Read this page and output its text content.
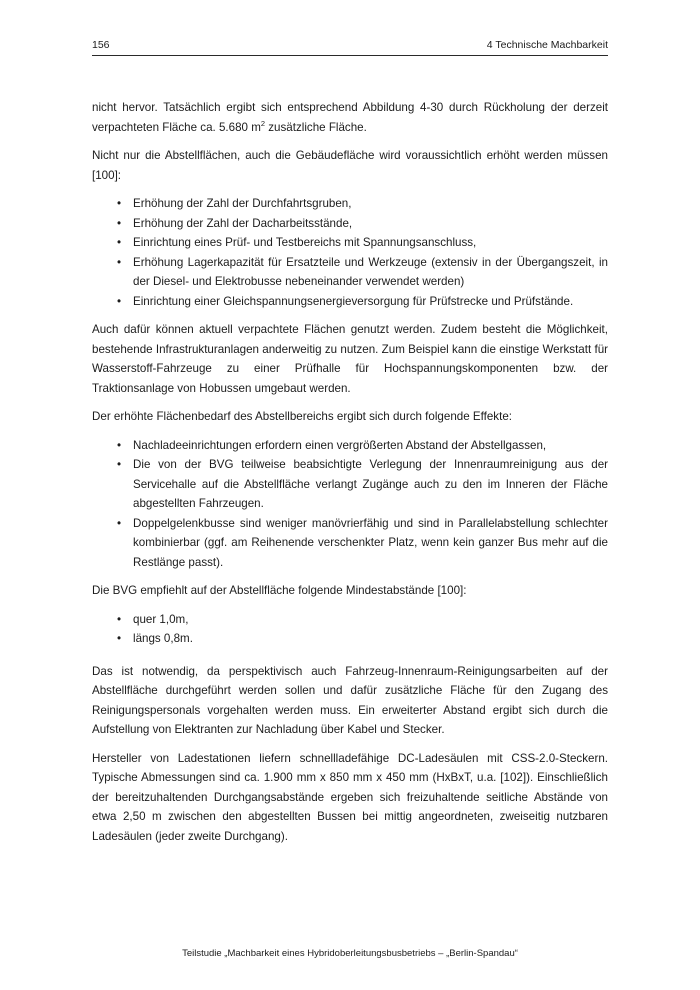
156	4 Technische Machbarkeit

nicht hervor. Tatsächlich ergibt sich entsprechend Abbildung 4-30 durch Rückholung der derzeit verpachteten Fläche ca. 5.680 $m^2$ zusätzliche Fläche.

Nicht nur die Abstellflächen, auch die Gebäudefläche wird voraussichtlich erhöht werden müssen [100]:

• Erhöhung der Zahl der Durchfahrtsgruben,
• Erhöhung der Zahl der Dacharbeitsstände,
• Einrichtung eines Prüf- und Testbereichs mit Spannungsanschluss,
• Erhöhung Lagerkapazität für Ersatzteile und Werkzeuge (extensiv in der Übergangszeit, in der Diesel- und Elektrobusse nebeneinander verwendet werden)
• Einrichtung einer Gleichspannungsenergieversorgung für Prüfstrecke und Prüfstände.

Auch dafür können aktuell verpachtete Flächen genutzt werden. Zudem besteht die Möglichkeit, bestehende Infrastrukturanlagen anderweitig zu nutzen. Zum Beispiel kann die einstige Werkstatt für Wasserstoff-Fahrzeuge zu einer Prüfhalle für Hochspannungskomponenten bzw. der Traktionsanlage von Hobussen umgebaut werden.

Der erhöhte Flächenbedarf des Abstellbereichs ergibt sich durch folgende Effekte:

• Nachladeeinrichtungen erfordern einen vergrößerten Abstand der Abstellgassen,
• Die von der BVG teilweise beabsichtigte Verlegung der Innenraumreinigung aus der Servicehalle auf die Abstellfläche verlangt Zugänge auch zu den im Inneren der Fläche abgestellten Fahrzeugen.
• Doppelgelenkbusse sind weniger manövrierfähig und sind in Parallelabstellung schlechter kombinierbar (ggf. am Reihenende verschenkter Platz, wenn kein ganzer Bus mehr auf die Restlänge passt).

Die BVG empfiehlt auf der Abstellfläche folgende Mindestabstände [100]:

• quer 1,0m,
• längs 0,8m.

Das ist notwendig, da perspektivisch auch Fahrzeug-Innenraum-Reinigungsarbeiten auf der Abstellfläche durchgeführt werden sollen und dafür zusätzliche Fläche für den Zugang des Reinigungspersonals vorgehalten werden muss. Ein erweiterter Abstand ergibt sich durch die Aufstellung von Elektranten zur Nachladung über Kabel und Stecker.

Hersteller von Ladestationen liefern schnellladefähige DC-Ladesäulen mit CSS-2.0-Steckern. Typische Abmessungen sind ca. 1.900 mm x 850 mm x 450 mm (HxBxT, u.a. [102]). Einschließlich der bereitzuhaltenden Durchgangsabstände ergeben sich freizuhaltende seitliche Abstände von etwa 2,50 m zwischen den abgestellten Bussen bei mittig angeordneten, zweiseitig nutzbaren Ladesäulen (jeder zweite Durchgang).

Teilstudie „Machbarkeit eines Hybridoberleitungsbusbetriebs – „Berlin-Spandau“
